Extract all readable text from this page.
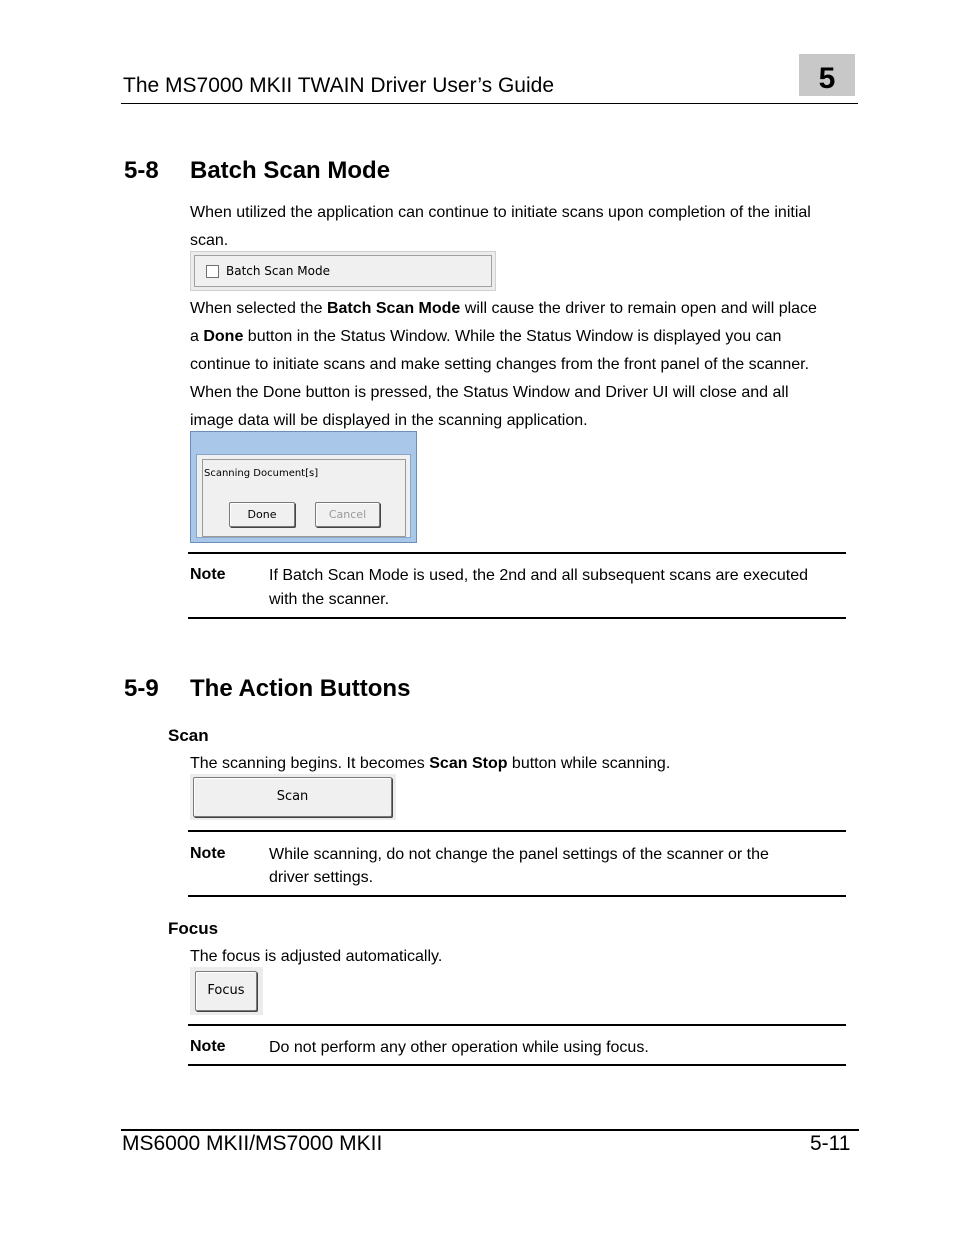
The MS7000 MKII TWAIN Driver User’s Guide	5
5-8 Batch Scan Mode
When utilized the application can continue to initiate scans upon completion of the initial
scan.
Batch Scan Mode
When selected the Batch Scan Mode will cause the driver to remain open and will place
a Done button in the Status Window. While the Status Window is displayed you can
continue to initiate scans and make setting changes from the front panel of the scanner.
When the Done button is pressed, the Status Window and Driver UI will close and all
image data will be displayed in the scanning application.
Scanning Document[s]
Done	Cancel
Note	If Batch Scan Mode is used, the 2nd and all subsequent scans are executed
with the scanner.
5-9 The Action Buttons
Scan
The scanning begins. It becomes Scan Stop button while scanning.
Scan
Note	While scanning, do not change the panel settings of the scanner or the
driver settings.
Focus
The focus is adjusted automatically.
Focus
Note	Do not perform any other operation while using focus.
MS6000 MKII/MS7000 MKII	5-11
